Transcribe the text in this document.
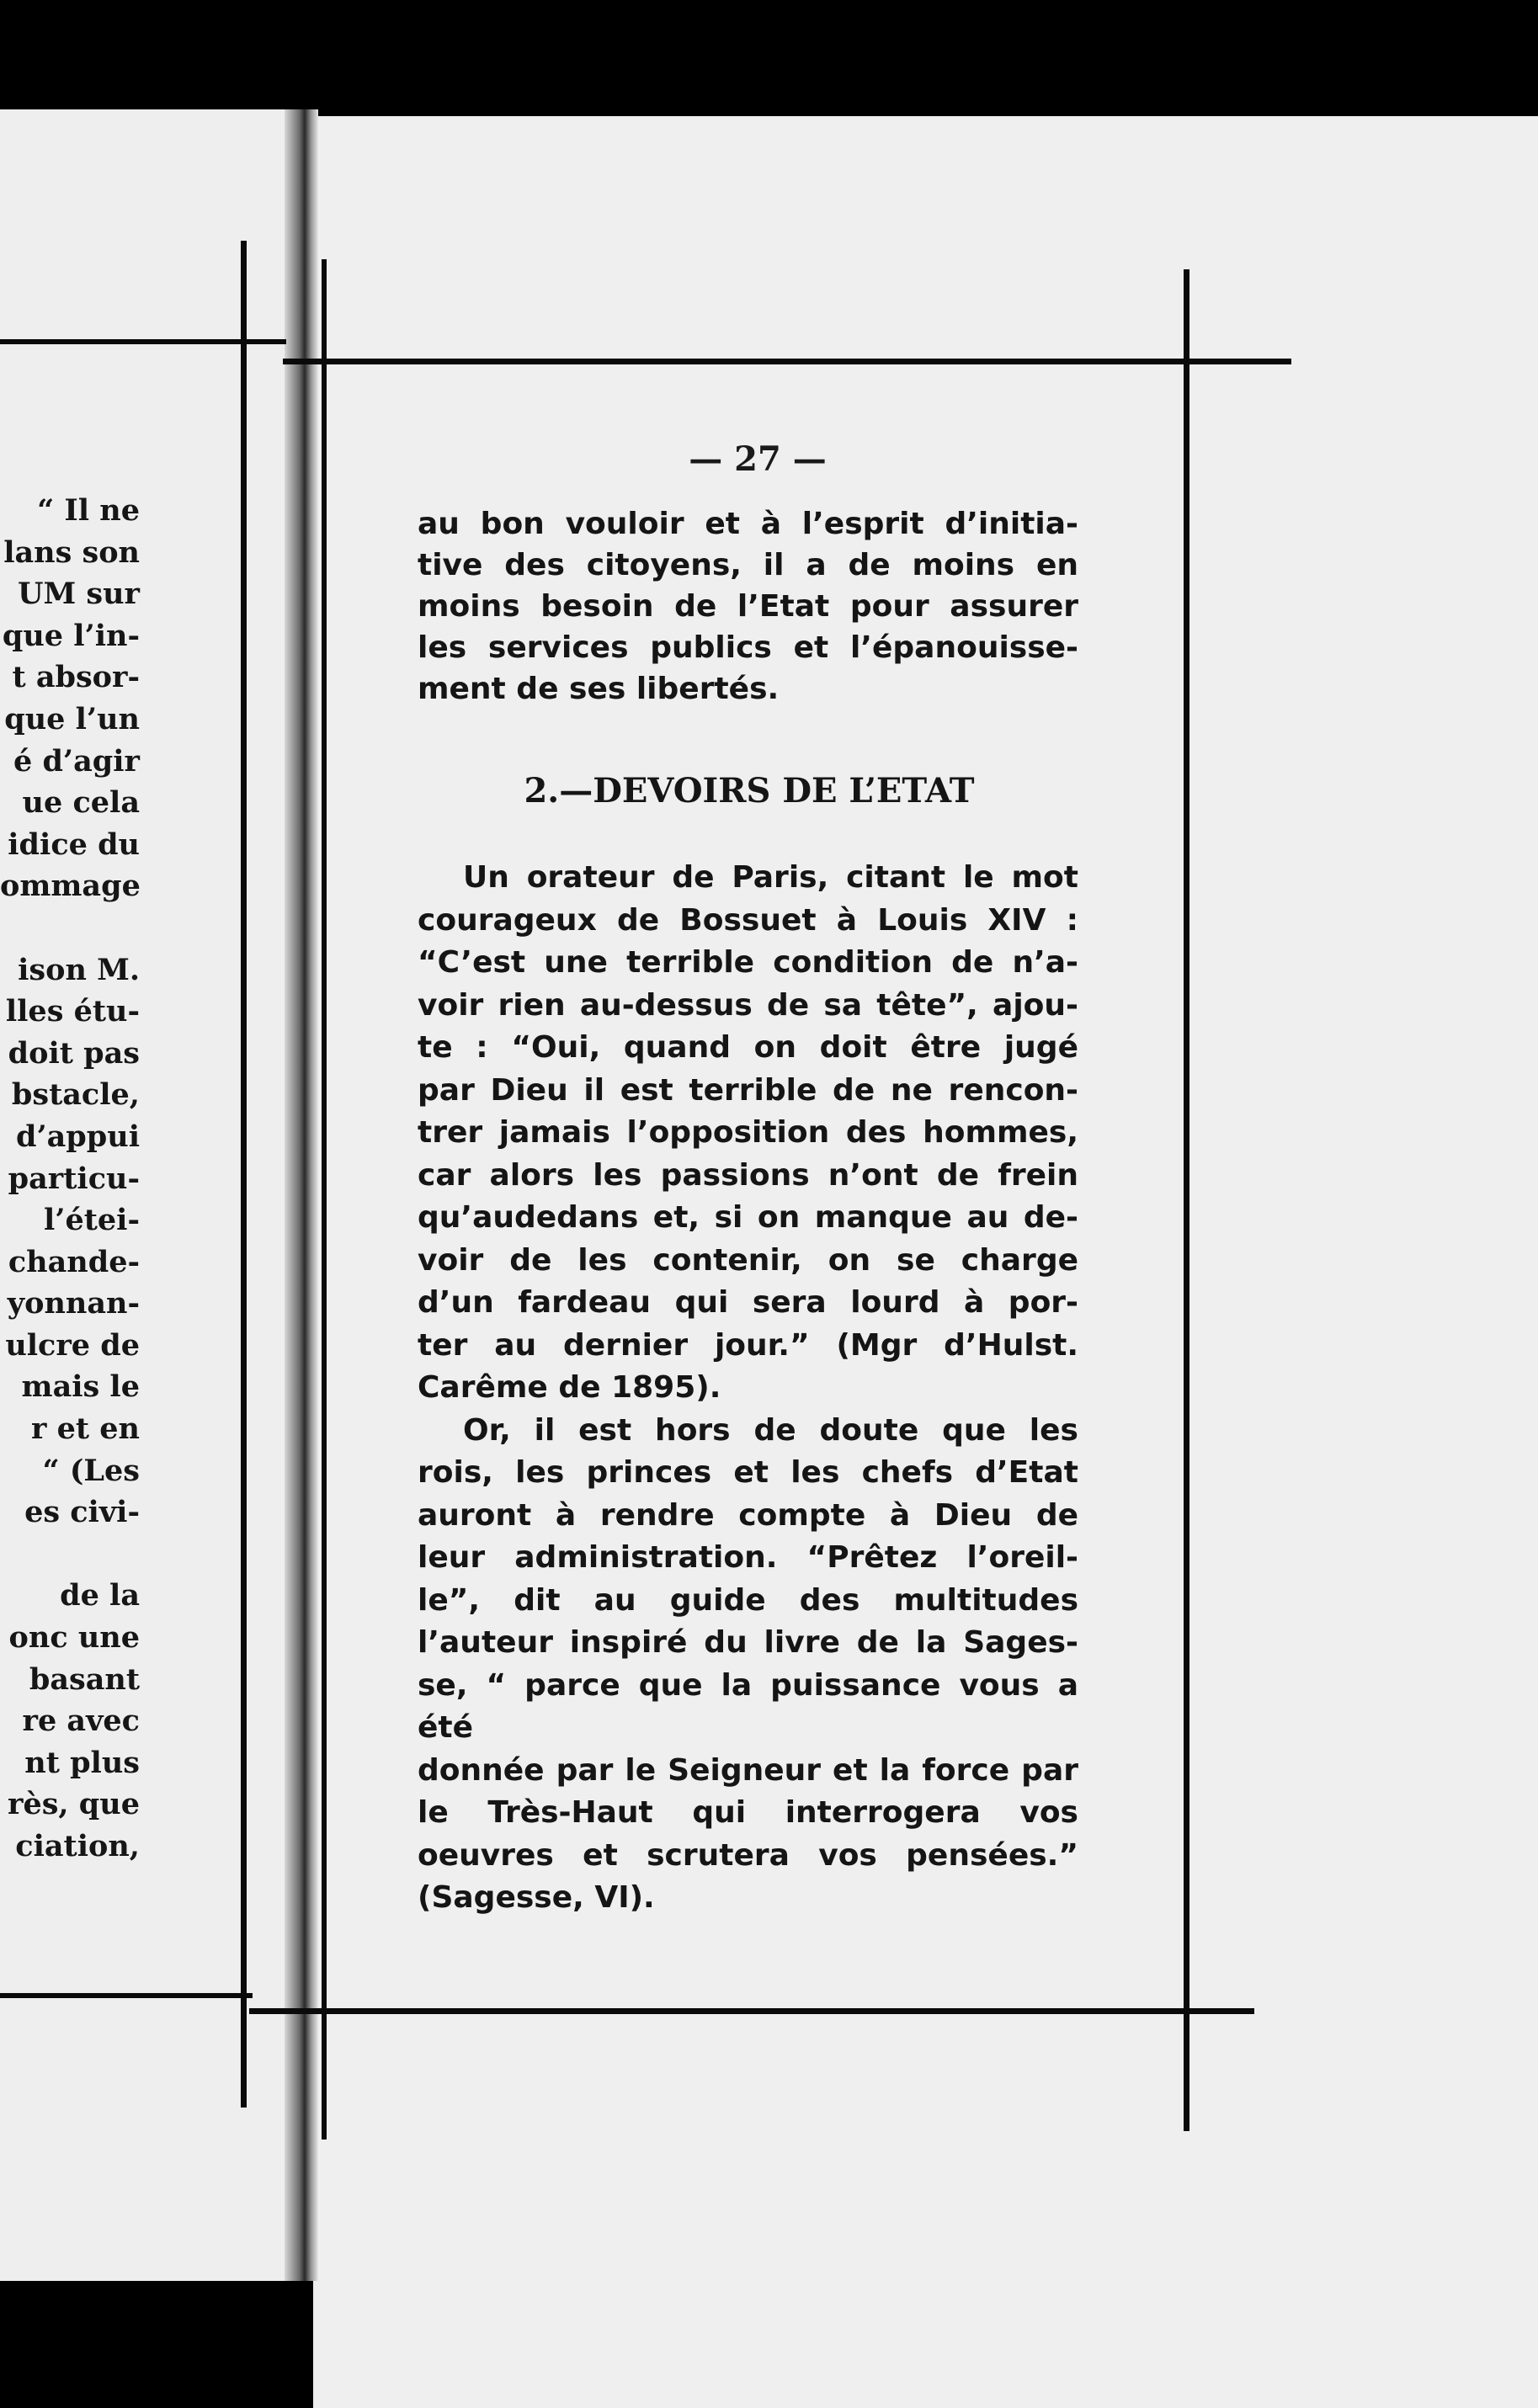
“ Il ne
lans son
UM sur
que l’in-
t absor-
que l’un
é d’agir
ue cela
idice du
ommage
ison M.
lles étu-
doit pas
bstacle,
d’appui
particu-
l’étei-
chande-
yonnan-
ulcre de
mais le
r et en
“ (Les
es civi-
de la
onc une
basant
re avec
nt plus
rès, que
ciation,
— 27 —

au bon vouloir et à l’esprit d’initia-

tive des citoyens, il a de moins en

moins besoin de l’Etat pour assurer

les services publics et l’épanouisse-

ment de ses libertés.

2.—DEVOIRS DE L’ETAT

Un orateur de Paris, citant le mot

courageux de Bossuet à Louis XIV :

“C’est une terrible condition de n’a-

voir rien au-dessus de sa tête”, ajou-

te : “Oui, quand on doit être jugé

par Dieu il est terrible de ne rencon-

trer jamais l’opposition des hommes,

car alors les passions n’ont de frein

qu’audedans et, si on manque au de-

voir de les contenir, on se charge

d’un fardeau qui sera lourd à por-

ter au dernier jour.” (Mgr d’Hulst.

Carême de 1895).

Or, il est hors de doute que les

rois, les princes et les chefs d’Etat

auront à rendre compte à Dieu de

leur administration. “Prêtez l’oreil-

le”, dit au guide des multitudes

l’auteur inspiré du livre de la Sages-

se, “ parce que la puissance vous a été

donnée par le Seigneur et la force par

le Très-Haut qui interrogera vos

oeuvres et scrutera vos pensées.”

(Sagesse, VI).
